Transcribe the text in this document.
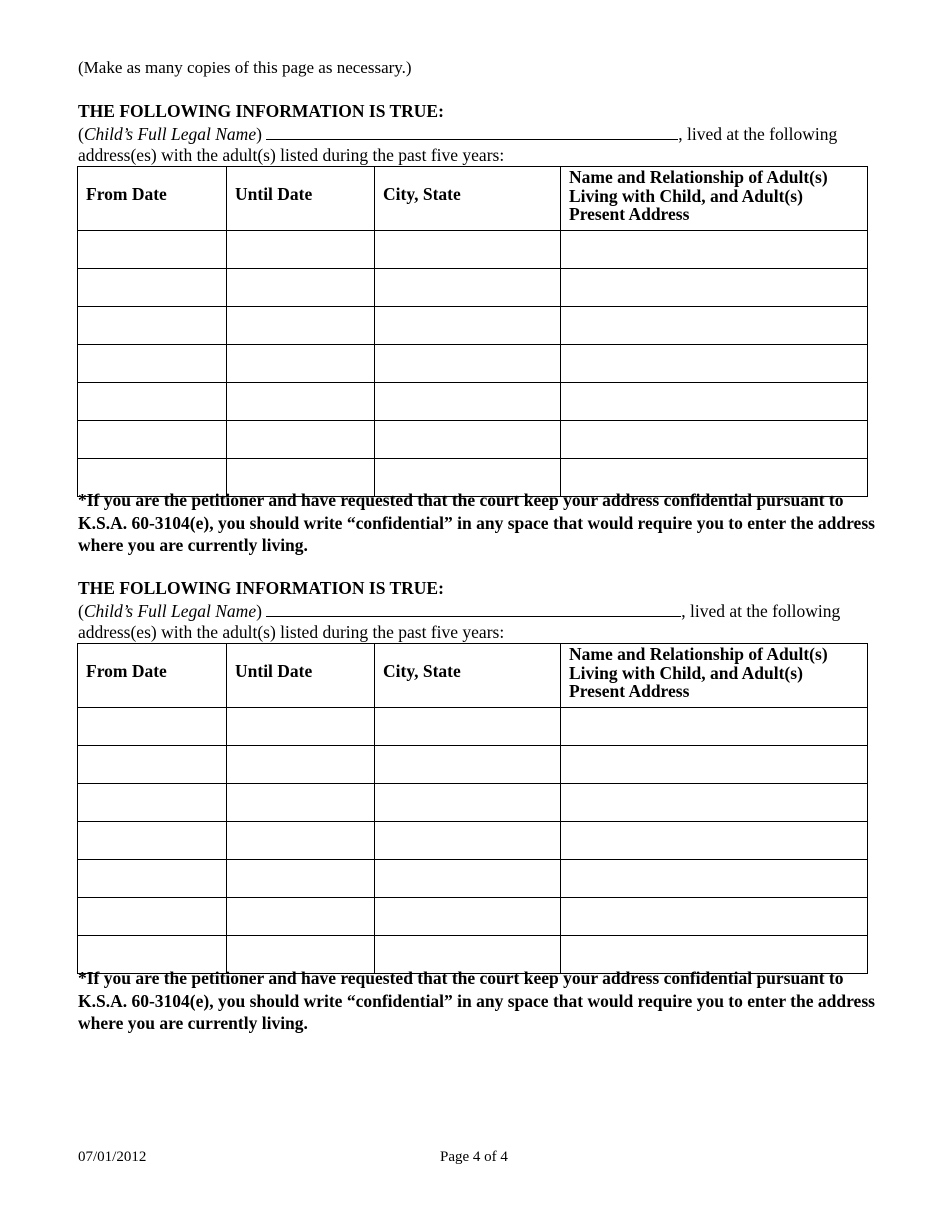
(Make as many copies of this page as necessary.)
THE FOLLOWING INFORMATION IS TRUE:
(Child’s Full Legal Name)	, lived at the following
address(es) with the adult(s) listed during the past five years:
From Date	Until Date	City, State	Name and Relationship of Adult(s) Living with Child, and Adult(s) Present Address

*If you are the petitioner and have requested that the court keep your address confidential pursuant to K.S.A. 60-3104(e), you should write “confidential” in any space that would require you to enter the address where you are currently living.
THE FOLLOWING INFORMATION IS TRUE:
(Child’s Full Legal Name)	, lived at the following
address(es) with the adult(s) listed during the past five years:
From Date	Until Date	City, State	Name and Relationship of Adult(s) Living with Child, and Adult(s) Present Address

*If you are the petitioner and have requested that the court keep your address confidential pursuant to K.S.A. 60-3104(e), you should write “confidential” in any space that would require you to enter the address where you are currently living.
07/01/2012	Page 4 of 4
